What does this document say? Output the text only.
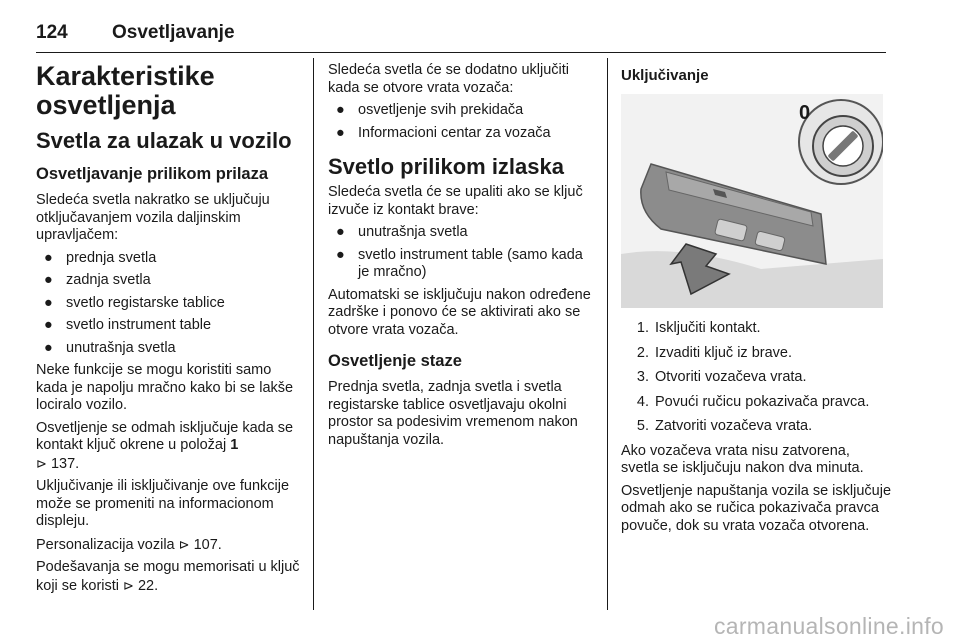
124	Osvetljavanje
Karakteristike osvetljenja
Svetla za ulazak u vozilo
Osvetljavanje prilikom prilaza

Sledeća svetla nakratko se uključuju otključavanjem vozila daljinskim upravljačem:

● prednja svetla
● zadnja svetla
● svetlo registarske tablice
● svetlo instrument table
● unutrašnja svetla

Neke funkcije se mogu koristiti samo kada je napolju mračno kako bi se lakše lociralo vozilo.

Osvetljenje se odmah isključuje kada se kontakt ključ okrene u položaj 1
⊳ 137.

Uključivanje ili isključivanje ove funkcije može se promeniti na informacionom displeju.

Personalizacija vozila ⊳ 107.

Podešavanja se mogu memorisati u ključ koji se koristi ⊳ 22.

Sledeća svetla će se dodatno uključiti kada se otvore vrata vozača:

● osvetljenje svih prekidača
● Informacioni centar za vozača
Svetlo prilikom izlaska

Sledeća svetla će se upaliti ako se ključ izvuče iz kontakt brave:

● unutrašnja svetla
● svetlo instrument table (samo kada je mračno)

Automatski se isključuju nakon određene zadrške i ponovo će se aktivirati ako se otvore vrata vozača.

Osvetljenje staze

Prednja svetla, zadnja svetla i svetla registarske tablice osvetljavaju okolni prostor sa podesivim vremenom nakon napuštanja vozila.

Uključivanje
0
1. Isključiti kontakt.
2. Izvaditi ključ iz brave.
3. Otvoriti vozačeva vrata.
4. Povući ručicu pokazivača pravca.
5. Zatvoriti vozačeva vrata.

Ako vozačeva vrata nisu zatvorena, svetla se isključuju nakon dva minuta.

Osvetljenje napuštanja vozila se isključuje odmah ako se ručica pokazivača pravca povuče, dok su vrata vozača otvorena.

carmanualsonline.info
